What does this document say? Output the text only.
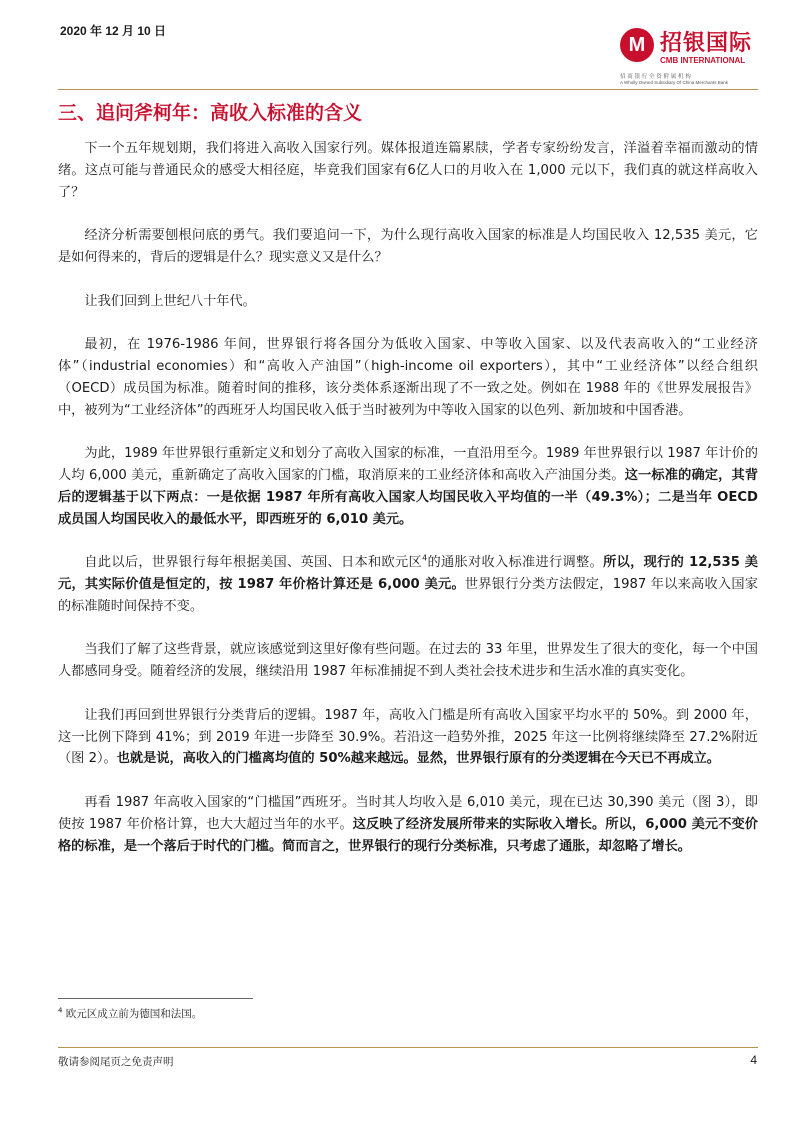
2020 年 12 月 10 日
M 招银国际
CMB INTERNATIONAL
招 商 银 行 全 资 附 属 机 构
A Wholly Owned Subsidiary Of China Merchants Bank
三、追问斧柯年：高收入标准的含义

下一个五年规划期，我们将进入高收入国家行列。媒体报道连篇累牍，学者专家纷纷发言，洋溢着幸福而激动的情绪。这点可能与普通民众的感受大相径庭，毕竟我们国家有6亿人口的月收入在 1,000 元以下，我们真的就这样高收入了？

经济分析需要刨根问底的勇气。我们要追问一下，为什么现行高收入国家的标准是人均国民收入 12,535 美元，它是如何得来的，背后的逻辑是什么？现实意义又是什么？

让我们回到上世纪八十年代。

最初，在 1976-1986 年间，世界银行将各国分为低收入国家、中等收入国家、以及代表高收入的“工业经济体”（industrial economies）和“高收入产油国”（high-income oil exporters），其中“工业经济体”以经合组织（OECD）成员国为标准。随着时间的推移，该分类体系逐渐出现了不一致之处。例如在 1988 年的《世界发展报告》中，被列为“工业经济体”的西班牙人均国民收入低于当时被列为中等收入国家的以色列、新加坡和中国香港。

为此，1989 年世界银行重新定义和划分了高收入国家的标准，一直沿用至今。1989 年世界银行以 1987 年计价的人均 6,000 美元，重新确定了高收入国家的门槛，取消原来的工业经济体和高收入产油国分类。这一标准的确定，其背后的逻辑基于以下两点：一是依据 1987 年所有高收入国家人均国民收入平均值的一半（49.3%）；二是当年 OECD 成员国人均国民收入的最低水平，即西班牙的 6,010 美元。

自此以后，世界银行每年根据美国、英国、日本和欧元区$^4$的通胀对收入标准进行调整。所以，现行的 12,535 美元，其实际价值是恒定的，按 1987 年价格计算还是 6,000 美元。世界银行分类方法假定，1987 年以来高收入国家的标准随时间保持不变。

当我们了解了这些背景，就应该感觉到这里好像有些问题。在过去的 33 年里，世界发生了很大的变化，每一个中国人都感同身受。随着经济的发展，继续沿用 1987 年标准捕捉不到人类社会技术进步和生活水准的真实变化。

让我们再回到世界银行分类背后的逻辑。1987 年，高收入门槛是所有高收入国家平均水平的 50%。到 2000 年，这一比例下降到 41%；到 2019 年进一步降至 30.9%。若沿这一趋势外推，2025 年这一比例将继续降至 27.2%附近（图 2）。也就是说，高收入的门槛离均值的 50%越来越远。显然，世界银行原有的分类逻辑在今天已不再成立。

再看 1987 年高收入国家的“门槛国”西班牙。当时其人均收入是 6,010 美元，现在已达 30,390 美元（图 3），即使按 1987 年价格计算，也大大超过当年的水平。这反映了经济发展所带来的实际收入增长。所以，6,000 美元不变价格的标准，是一个落后于时代的门槛。简而言之，世界银行的现行分类标准，只考虑了通胀，却忽略了增长。

$^4$ 欧元区成立前为德国和法国。
敬请参阅尾页之免责声明	4
